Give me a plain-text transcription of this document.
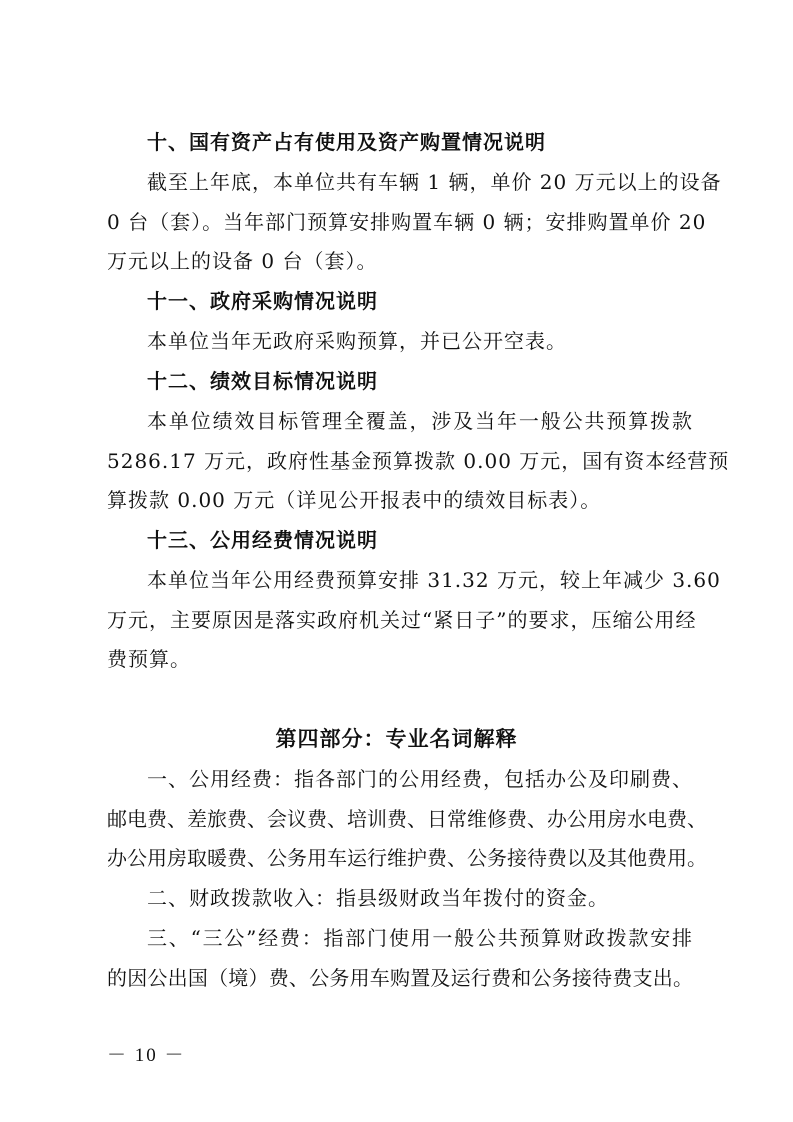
十、国有资产占有使用及资产购置情况说明
截至上年底，本单位共有车辆 1 辆，单价 20 万元以上的设备
0 台（套）。当年部门预算安排购置车辆 0 辆；安排购置单价 20
万元以上的设备 0 台（套）。
十一、政府采购情况说明
本单位当年无政府采购预算，并已公开空表。
十二、绩效目标情况说明
本单位绩效目标管理全覆盖，涉及当年一般公共预算拨款
5286.17 万元，政府性基金预算拨款 0.00 万元，国有资本经营预
算拨款 0.00 万元（详见公开报表中的绩效目标表）。
十三、公用经费情况说明
本单位当年公用经费预算安排 31.32 万元，较上年减少 3.60
万元，主要原因是落实政府机关过“紧日子”的要求，压缩公用经
费预算。
第四部分：专业名词解释
一、公用经费：指各部门的公用经费，包括办公及印刷费、
邮电费、差旅费、会议费、培训费、日常维修费、办公用房水电费、
办公用房取暖费、公务用车运行维护费、公务接待费以及其他费用。
二、财政拨款收入：指县级财政当年拨付的资金。
三、“三公”经费：指部门使用一般公共预算财政拨款安排
的因公出国（境）费、公务用车购置及运行费和公务接待费支出。
－ 10 －
